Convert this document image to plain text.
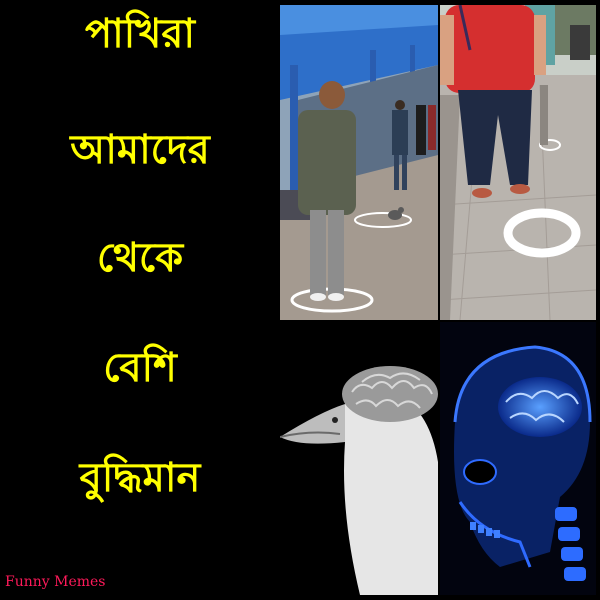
পাখিরা
আমাদের
থেকে
বেশি
বুদ্ধিমান
Funny Memes
